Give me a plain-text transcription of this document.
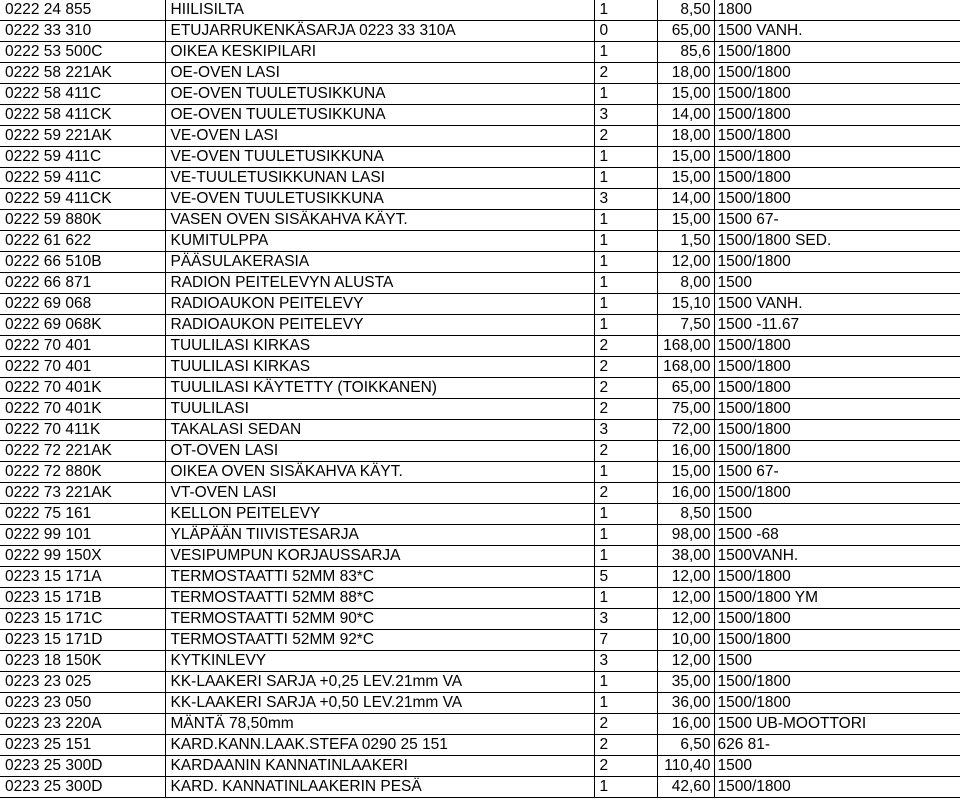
0222 24 855	HIILISILTA	1	8,50	1800
0222 33 310	ETUJARRUKENKÄSARJA 0223 33 310A	0	65,00	1500 VANH.
0222 53 500C	OIKEA KESKIPILARI	1	85,6	1500/1800
0222 58 221AK	OE-OVEN LASI	2	18,00	1500/1800
0222 58 411C	OE-OVEN TUULETUSIKKUNA	1	15,00	1500/1800
0222 58 411CK	OE-OVEN TUULETUSIKKUNA	3	14,00	1500/1800
0222 59 221AK	VE-OVEN LASI	2	18,00	1500/1800
0222 59 411C	VE-OVEN TUULETUSIKKUNA	1	15,00	1500/1800
0222 59 411C	VE-TUULETUSIKKUNAN LASI	1	15,00	1500/1800
0222 59 411CK	VE-OVEN TUULETUSIKKUNA	3	14,00	1500/1800
0222 59 880K	VASEN OVEN SISÄKAHVA KÄYT.	1	15,00	1500 67-
0222 61 622	KUMITULPPA	1	1,50	1500/1800 SED.
0222 66 510B	PÄÄSULAKERASIA	1	12,00	1500/1800
0222 66 871	RADION PEITELEVYN ALUSTA	1	8,00	1500
0222 69 068	RADIOAUKON PEITELEVY	1	15,10	1500 VANH.
0222 69 068K	RADIOAUKON PEITELEVY	1	7,50	1500 -11.67
0222 70 401	TUULILASI KIRKAS	2	168,00	1500/1800
0222 70 401	TUULILASI KIRKAS	2	168,00	1500/1800
0222 70 401K	TUULILASI KÄYTETTY (TOIKKANEN)	2	65,00	1500/1800
0222 70 401K	TUULILASI	2	75,00	1500/1800
0222 70 411K	TAKALASI SEDAN	3	72,00	1500/1800
0222 72 221AK	OT-OVEN LASI	2	16,00	1500/1800
0222 72 880K	OIKEA OVEN SISÄKAHVA KÄYT.	1	15,00	1500 67-
0222 73 221AK	VT-OVEN LASI	2	16,00	1500/1800
0222 75 161	KELLON PEITELEVY	1	8,50	1500
0222 99 101	YLÄPÄÄN TIIVISTESARJA	1	98,00	1500 -68
0222 99 150X	VESIPUMPUN KORJAUSSARJA	1	38,00	1500VANH.
0223 15 171A	TERMOSTAATTI 52MM 83*C	5	12,00	1500/1800
0223 15 171B	TERMOSTAATTI 52MM 88*C	1	12,00	1500/1800 YM
0223 15 171C	TERMOSTAATTI 52MM 90*C	3	12,00	1500/1800
0223 15 171D	TERMOSTAATTI 52MM 92*C	7	10,00	1500/1800
0223 18 150K	KYTKINLEVY	3	12,00	1500
0223 23 025	KK-LAAKERI SARJA +0,25 LEV.21mm VA	1	35,00	1500/1800
0223 23 050	KK-LAAKERI SARJA +0,50 LEV.21mm VA	1	36,00	1500/1800
0223 23 220A	MÄNTÄ 78,50mm	2	16,00	1500 UB-MOOTTORI
0223 25 151	KARD.KANN.LAAK.STEFA 0290 25 151	2	6,50	626 81-
0223 25 300D	KARDAANIN KANNATINLAAKERI	2	110,40	1500
0223 25 300D	KARD. KANNATINLAAKERIN PESÄ	1	42,60	1500/1800
